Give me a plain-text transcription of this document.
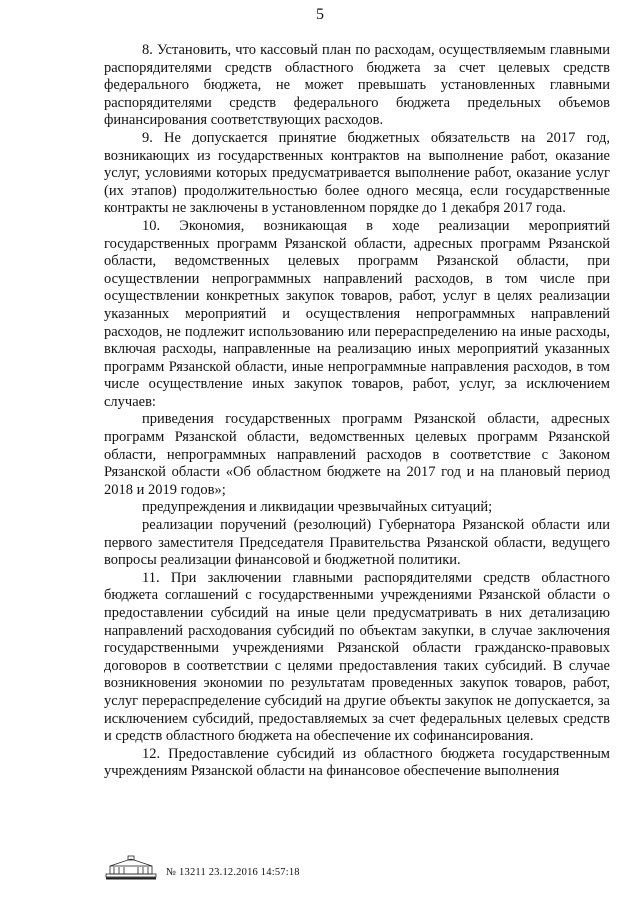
5

8. Установить, что кассовый план по расходам, осуществляемым главными распорядителями средств областного бюджета за счет целевых средств федерального бюджета, не может превышать установленных главными распорядителями средств федерального бюджета предельных объемов финансирования соответствующих расходов.

9. Не допускается принятие бюджетных обязательств на 2017 год, возникающих из государственных контрактов на выполнение работ, оказание услуг, условиями которых предусматривается выполнение работ, оказание услуг (их этапов) продолжительностью более одного месяца, если государственные контракты не заключены в установленном порядке до 1 декабря 2017 года.

10. Экономия, возникающая в ходе реализации мероприятий государственных программ Рязанской области, адресных программ Рязанской области, ведомственных целевых программ Рязанской области, при осуществлении непрограммных направлений расходов, в том числе при осуществлении конкретных закупок товаров, работ, услуг в целях реализации указанных мероприятий и осуществления непрограммных направлений расходов, не подлежит использованию или перераспределению на иные расходы, включая расходы, направленные на реализацию иных мероприятий указанных программ Рязанской области, иные непрограммные направления расходов, в том числе осуществление иных закупок товаров, работ, услуг, за исключением случаев:

приведения государственных программ Рязанской области, адресных программ Рязанской области, ведомственных целевых программ Рязанской области, непрограммных направлений расходов в соответствие с Законом Рязанской области «Об областном бюджете на 2017 год и на плановый период 2018 и 2019 годов»;

предупреждения и ликвидации чрезвычайных ситуаций;

реализации поручений (резолюций) Губернатора Рязанской области или первого заместителя Председателя Правительства Рязанской области, ведущего вопросы реализации финансовой и бюджетной политики.

11. При заключении главными распорядителями средств областного бюджета соглашений с государственными учреждениями Рязанской области о предоставлении субсидий на иные цели предусматривать в них детализацию направлений расходования субсидий по объектам закупки, в случае заключения государственными учреждениями Рязанской области гражданско-правовых договоров в соответствии с целями предоставления таких субсидий. В случае возникновения экономии по результатам проведенных закупок товаров, работ, услуг перераспределение субсидий на другие объекты закупок не допускается, за исключением субсидий, предоставляемых за счет федеральных целевых средств и средств областного бюджета на обеспечение их софинансирования.

12. Предоставление субсидий из областного бюджета государственным учреждениям Рязанской области на финансовое обеспечение выполнения

№ 13211 23.12.2016 14:57:18
